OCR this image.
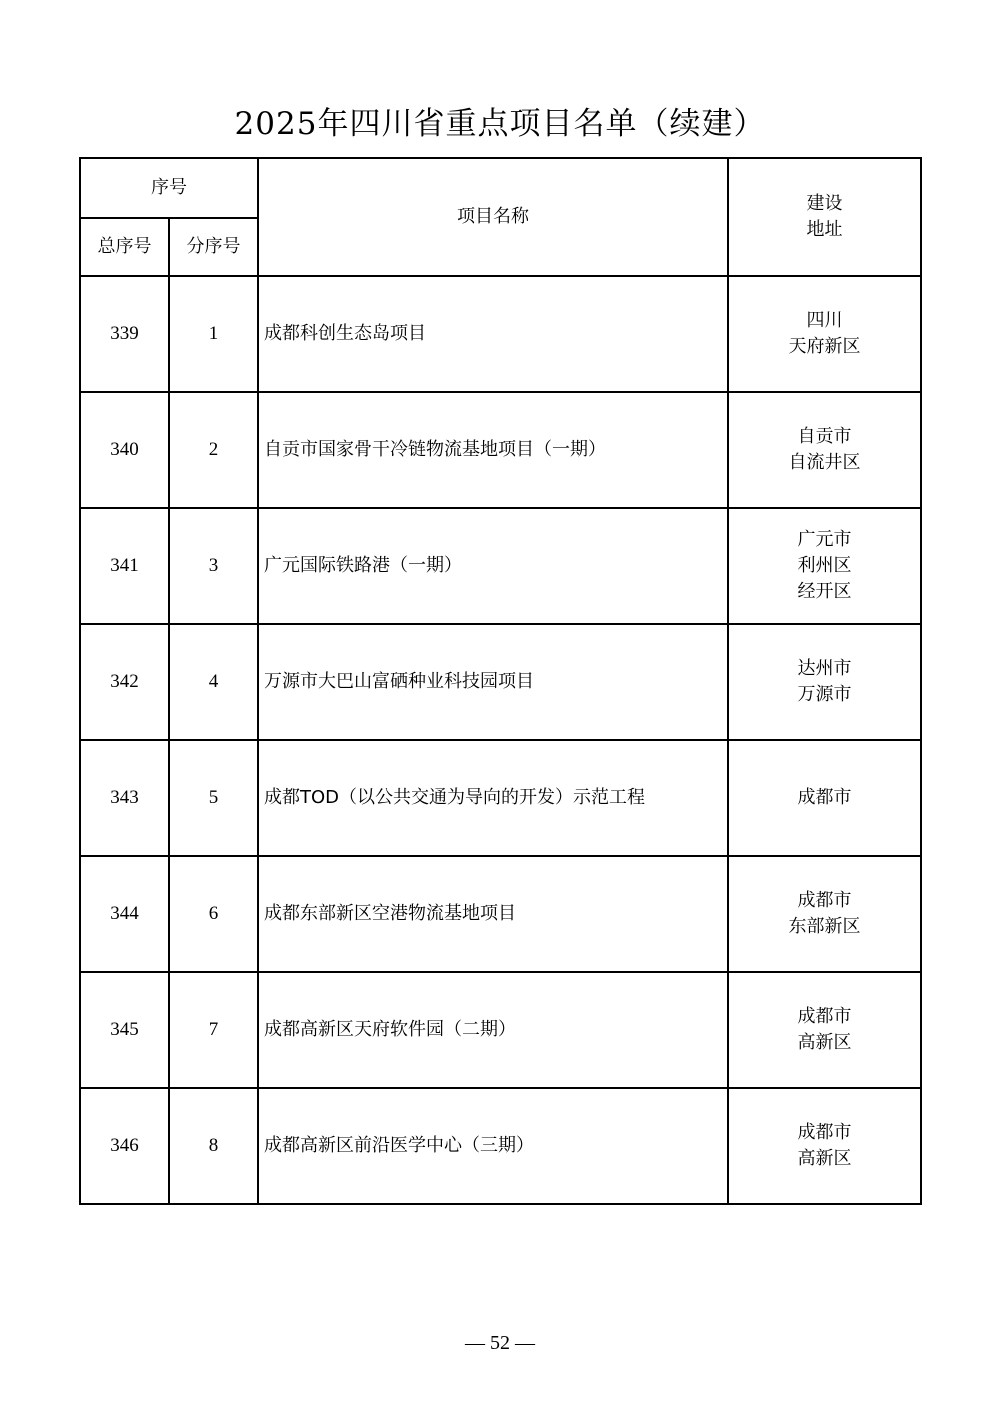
2025年四川省重点项目名单（续建）
序号		项目名称	建设
地址

总序号	分序号		
339	1	成都科创生态岛项目	四川
天府新区

340	2	自贡市国家骨干冷链物流基地项目（一期）	自贡市
自流井区

341	3	广元国际铁路港（一期）	广元市
利州区
经开区

342	4	万源市大巴山富硒种业科技园项目	达州市
万源市

343	5	成都TOD（以公共交通为导向的开发）示范工程	成都市

344	6	成都东部新区空港物流基地项目	成都市
东部新区

345	7	成都高新区天府软件园（二期）	成都市
高新区

346	8	成都高新区前沿医学中心（三期）	成都市
高新区
— 52 —
